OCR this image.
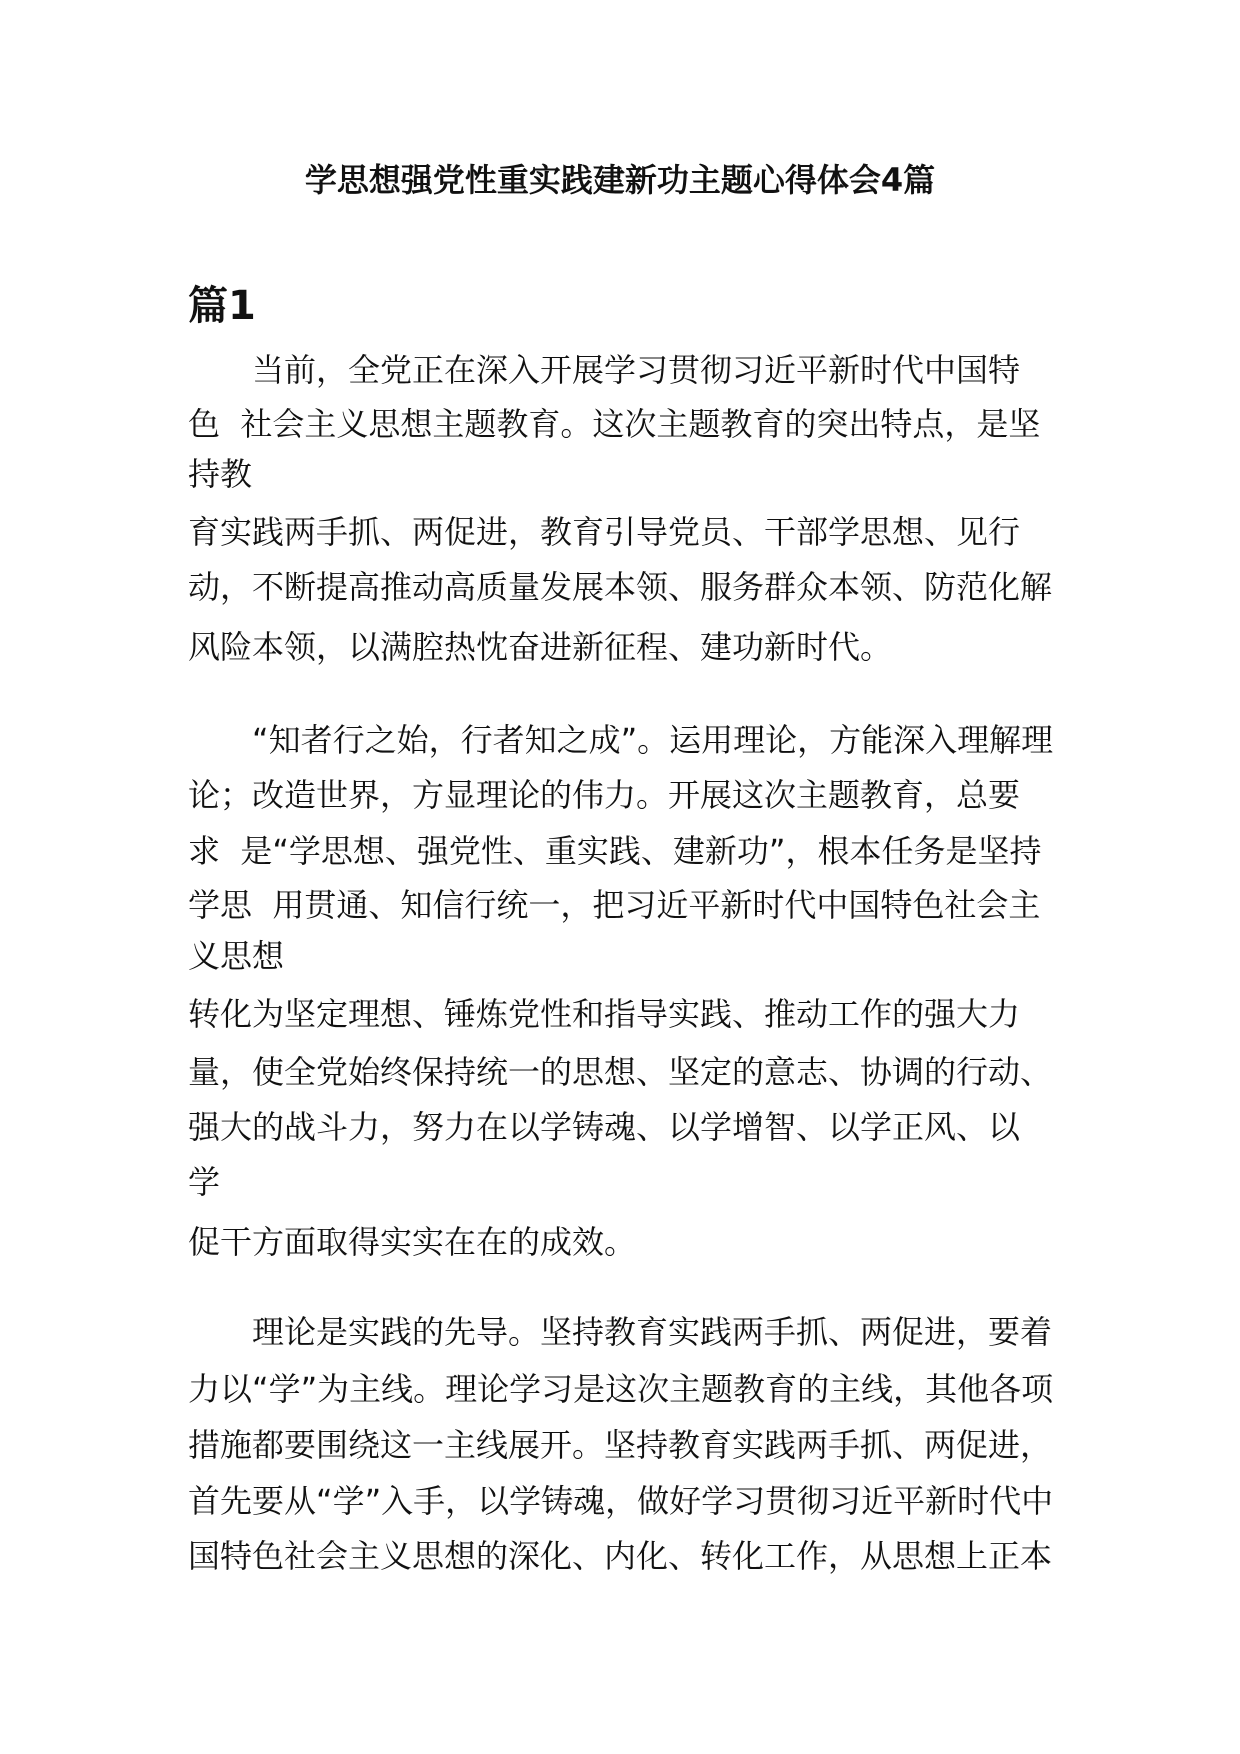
学思想强党性重实践建新功主题心得体会4篇
篇1
　　当前，全党正在深入开展学习贯彻习近平新时代中国特
色  社会主义思想主题教育。这次主题教育的突出特点，是坚
持教
育实践两手抓、两促进，教育引导党员、干部学思想、见行
动，不断提高推动高质量发展本领、服务群众本领、防范化解
风险本领，以满腔热忱奋进新征程、建功新时代。
　　“知者行之始，行者知之成”。运用理论，方能深入理解理
论；改造世界，方显理论的伟力。开展这次主题教育，总要
求  是“学思想、强党性、重实践、建新功”，根本任务是坚持
学思  用贯通、知信行统一，把习近平新时代中国特色社会主
义思想
转化为坚定理想、锤炼党性和指导实践、推动工作的强大力
量，使全党始终保持统一的思想、坚定的意志、协调的行动、
强大的战斗力，努力在以学铸魂、以学增智、以学正风、以
学
促干方面取得实实在在的成效。
　　理论是实践的先导。坚持教育实践两手抓、两促进，要着
力以“学”为主线。理论学习是这次主题教育的主线，其他各项
措施都要围绕这一主线展开。坚持教育实践两手抓、两促进，
首先要从“学”入手，以学铸魂，做好学习贯彻习近平新时代中
国特色社会主义思想的深化、内化、转化工作，从思想上正本
